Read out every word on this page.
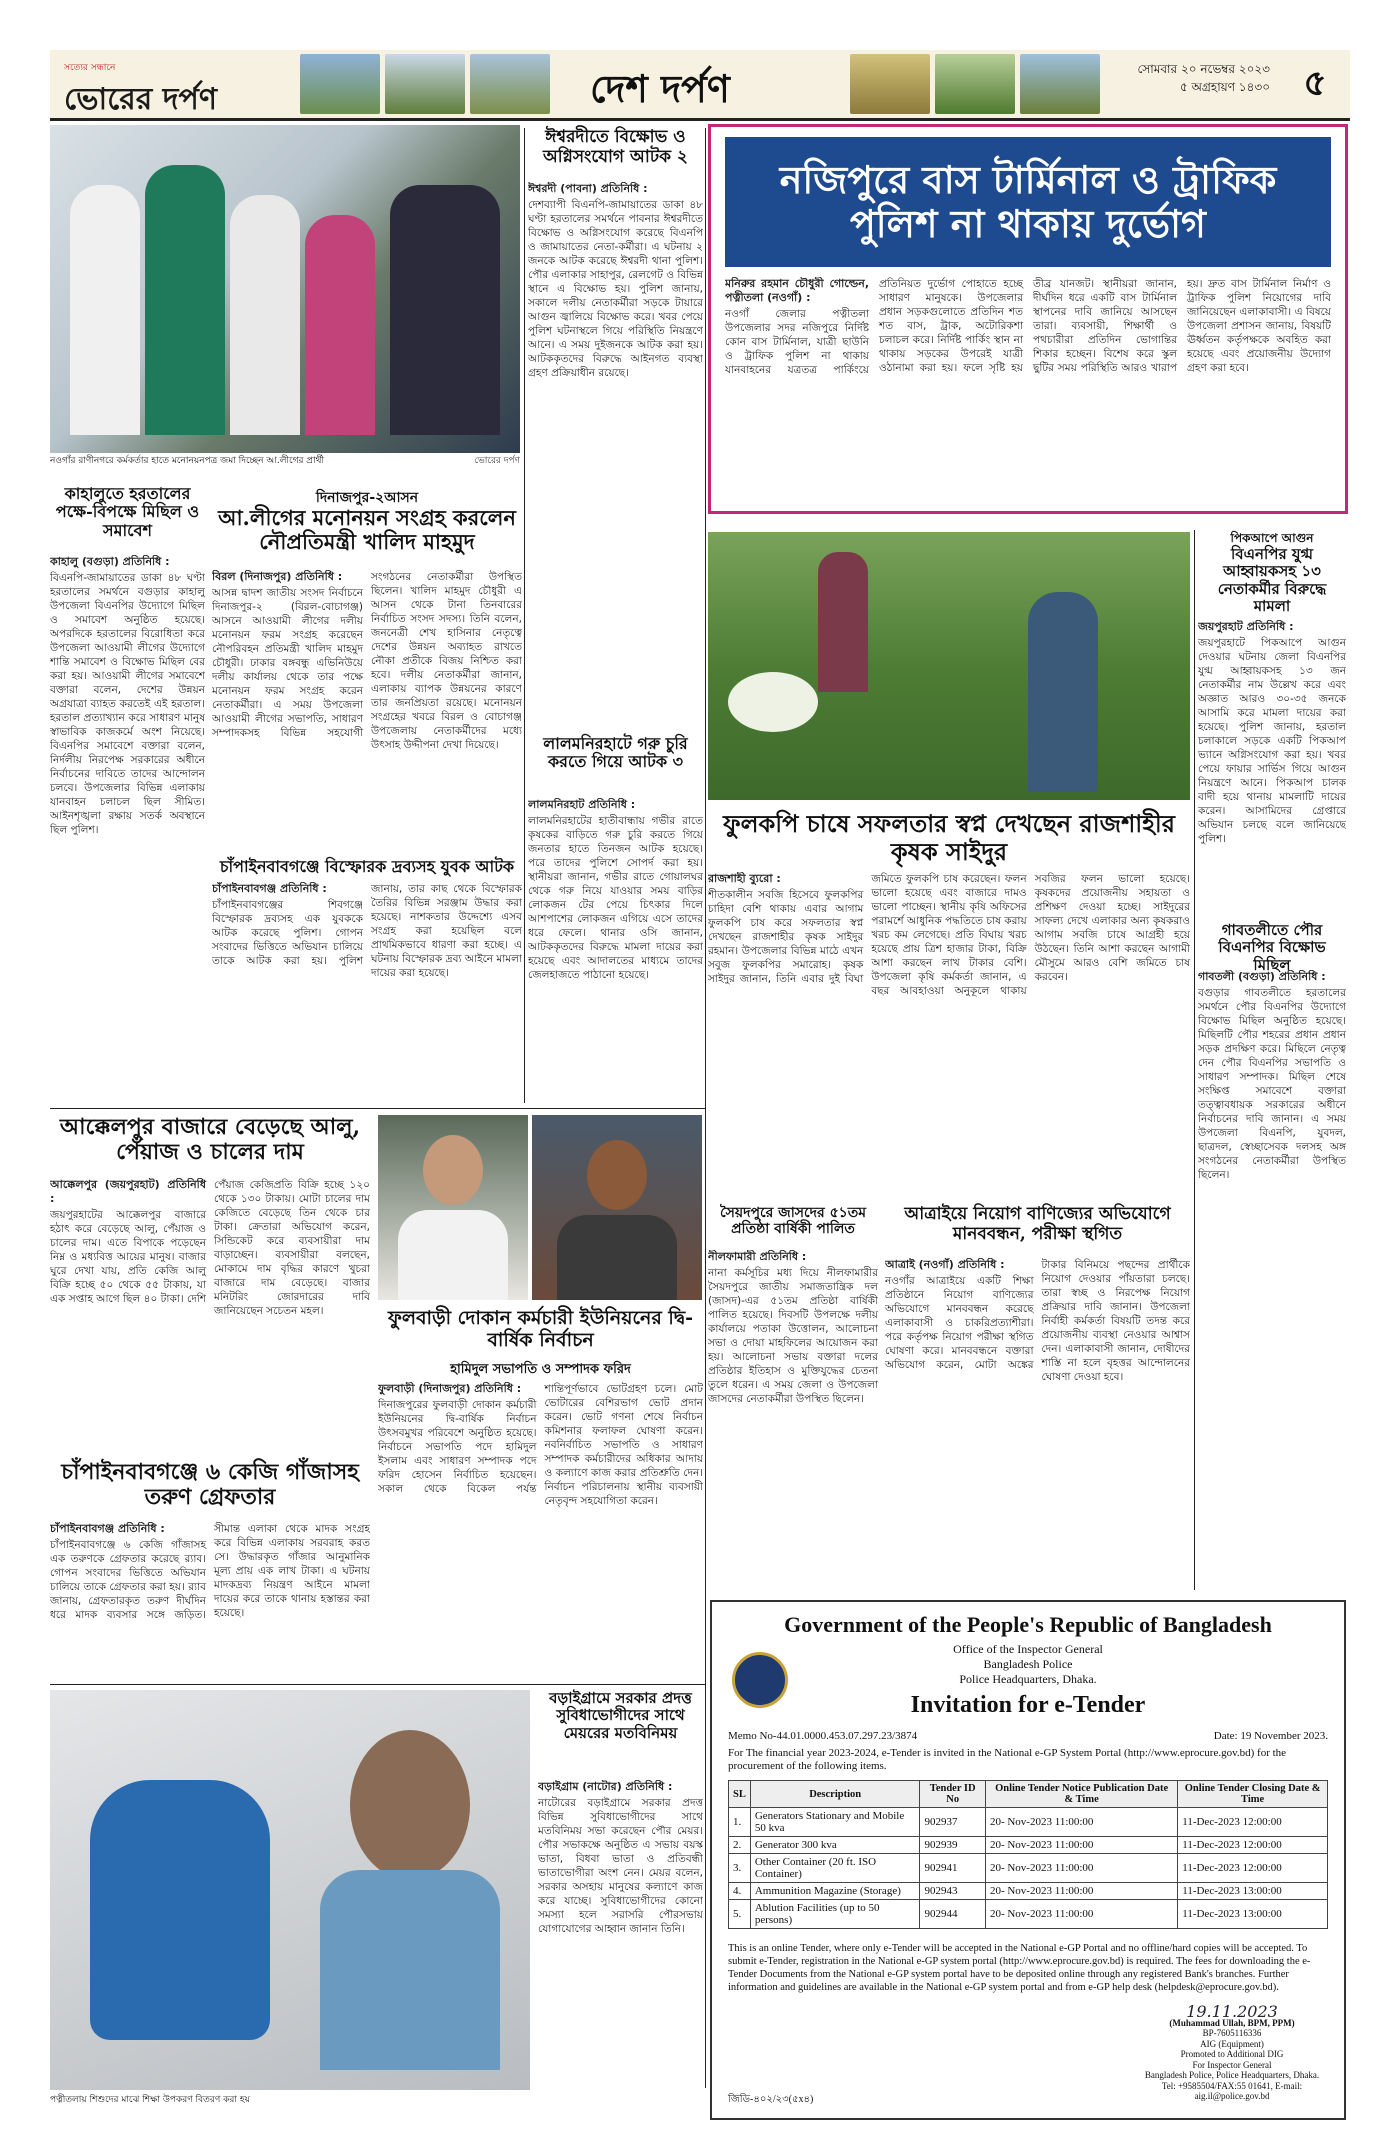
সত্যের সন্ধানে
ভোরের দর্পণ	দেশ দর্পণ	সোমবার ২০ নভেম্বর ২০২৩
৫ অগ্রহায়ণ ১৪৩০ ৫
নওগাঁর রাণীনগরে কর্মকর্তার হাতে মনোনয়নপত্র জমা দিচ্ছেন আ.লীগের প্রার্থী	ভোরের দর্পণ
ঈশ্বরদীতে বিক্ষোভ ও অগ্নিসংযোগ আটক ২
ঈশ্বরদী (পাবনা) প্রতিনিধি :
দেশব্যাপী বিএনপি-জামায়াতের ডাকা ৪৮ ঘণ্টা হরতালের সমর্থনে পাবনার ঈশ্বরদীতে বিক্ষোভ ও অগ্নিসংযোগ করেছে বিএনপি ও জামায়াতের নেতা-কর্মীরা। এ ঘটনায় ২ জনকে আটক করেছে ঈশ্বরদী থানা পুলিশ। পৌর এলাকার সাহাপুর, রেলগেট ও বিভিন্ন স্থানে এ বিক্ষোভ হয়। পুলিশ জানায়, সকালে দলীয় নেতাকর্মীরা সড়কে টায়ারে আগুন জ্বালিয়ে বিক্ষোভ করে। খবর পেয়ে পুলিশ ঘটনাস্থলে গিয়ে পরিস্থিতি নিয়ন্ত্রণে আনে। এ সময় দুইজনকে আটক করা হয়। আটককৃতদের বিরুদ্ধে আইনগত ব্যবস্থা গ্রহণ প্রক্রিয়াধীন রয়েছে।
নজিপুরে বাস টার্মিনাল ও ট্রাফিক পুলিশ না থাকায় দুর্ভোগ
মনিরুর রহমান চৌধুরী গোল্ডেন, পত্নীতলা (নওগাঁ) :
নওগাঁ জেলার পত্নীতলা উপজেলার সদর নজিপুরে নির্দিষ্ট কোন বাস টার্মিনাল, যাত্রী ছাউনি ও ট্রাফিক পুলিশ না থাকায় যানবাহনের যত্রতত্র পার্কিংয়ে প্রতিনিয়ত দুর্ভোগ পোহাতে হচ্ছে সাধারণ মানুষকে। উপজেলার প্রধান সড়কগুলোতে প্রতিদিন শত শত বাস, ট্রাক, অটোরিকশা চলাচল করে। নির্দিষ্ট পার্কিং স্থান না থাকায় সড়কের উপরেই যাত্রী ওঠানামা করা হয়। ফলে সৃষ্টি হয় তীব্র যানজট। স্থানীয়রা জানান, দীর্ঘদিন ধরে একটি বাস টার্মিনাল স্থাপনের দাবি জানিয়ে আসছেন তারা। ব্যবসায়ী, শিক্ষার্থী ও পথচারীরা প্রতিদিন ভোগান্তির শিকার হচ্ছেন। বিশেষ করে স্কুল ছুটির সময় পরিস্থিতি আরও খারাপ হয়। দ্রুত বাস টার্মিনাল নির্মাণ ও ট্রাফিক পুলিশ নিয়োগের দাবি জানিয়েছেন এলাকাবাসী। এ বিষয়ে উপজেলা প্রশাসন জানায়, বিষয়টি ঊর্ধ্বতন কর্তৃপক্ষকে অবহিত করা হয়েছে এবং প্রয়োজনীয় উদ্যোগ গ্রহণ করা হবে।
কাহালুতে হরতালের পক্ষে-বিপক্ষে মিছিল ও সমাবেশ
কাহালু (বগুড়া) প্রতিনিধি :
বিএনপি-জামায়াতের ডাকা ৪৮ ঘণ্টা হরতালের সমর্থনে বগুড়ার কাহালু উপজেলা বিএনপির উদ্যোগে মিছিল ও সমাবেশ অনুষ্ঠিত হয়েছে। অপরদিকে হরতালের বিরোধিতা করে উপজেলা আওয়ামী লীগের উদ্যোগে শান্তি সমাবেশ ও বিক্ষোভ মিছিল বের করা হয়। আওয়ামী লীগের সমাবেশে বক্তারা বলেন, দেশের উন্নয়ন অগ্রযাত্রা ব্যাহত করতেই এই হরতাল। হরতাল প্রত্যাখ্যান করে সাধারণ মানুষ স্বাভাবিক কাজকর্মে অংশ নিয়েছে। বিএনপির সমাবেশে বক্তারা বলেন, নির্দলীয় নিরপেক্ষ সরকারের অধীনে নির্বাচনের দাবিতে তাদের আন্দোলন চলবে। উপজেলার বিভিন্ন এলাকায় যানবাহন চলাচল ছিল সীমিত। আইনশৃঙ্খলা রক্ষায় সতর্ক অবস্থানে ছিল পুলিশ।
দিনাজপুর-২আসন
আ.লীগের মনোনয়ন সংগ্রহ করলেন নৌপ্রতিমন্ত্রী খালিদ মাহমুদ
বিরল (দিনাজপুর) প্রতিনিধি :
আসন্ন দ্বাদশ জাতীয় সংসদ নির্বাচনে দিনাজপুর-২ (বিরল-বোচাগঞ্জ) আসনে আওয়ামী লীগের দলীয় মনোনয়ন ফরম সংগ্রহ করেছেন নৌপরিবহন প্রতিমন্ত্রী খালিদ মাহমুদ চৌধুরী। ঢাকার বঙ্গবন্ধু এভিনিউয়ে দলীয় কার্যালয় থেকে তার পক্ষে মনোনয়ন ফরম সংগ্রহ করেন নেতাকর্মীরা। এ সময় উপজেলা আওয়ামী লীগের সভাপতি, সাধারণ সম্পাদকসহ বিভিন্ন সহযোগী সংগঠনের নেতাকর্মীরা উপস্থিত ছিলেন। খালিদ মাহমুদ চৌধুরী এ আসন থেকে টানা তিনবারের নির্বাচিত সংসদ সদস্য। তিনি বলেন, জননেত্রী শেখ হাসিনার নেতৃত্বে দেশের উন্নয়ন অব্যাহত রাখতে নৌকা প্রতীকে বিজয় নিশ্চিত করা হবে। দলীয় নেতাকর্মীরা জানান, এলাকায় ব্যাপক উন্নয়নের কারণে তার জনপ্রিয়তা রয়েছে। মনোনয়ন সংগ্রহের খবরে বিরল ও বোচাগঞ্জ উপজেলায় নেতাকর্মীদের মধ্যে উৎসাহ উদ্দীপনা দেখা দিয়েছে।	লালমনিরহাটে গরু চুরি করতে গিয়ে আটক ৩
লালমনিরহাট প্রতিনিধি :
লালমনিরহাটের হাতীবান্ধায় গভীর রাতে কৃষকের বাড়িতে গরু চুরি করতে গিয়ে জনতার হাতে তিনজন আটক হয়েছে। পরে তাদের পুলিশে সোপর্দ করা হয়। স্থানীয়রা জানান, গভীর রাতে গোয়ালঘর থেকে গরু নিয়ে যাওয়ার সময় বাড়ির লোকজন টের পেয়ে চিৎকার দিলে আশপাশের লোকজন এগিয়ে এসে তাদের ধরে ফেলে। থানার ওসি জানান, আটককৃতদের বিরুদ্ধে মামলা দায়ের করা হয়েছে এবং আদালতের মাধ্যমে তাদের জেলহাজতে পাঠানো হয়েছে।
চাঁপাইনবাবগঞ্জে বিস্ফোরক দ্রব্যসহ যুবক আটক
চাঁপাইনবাবগঞ্জ প্রতিনিধি :
চাঁপাইনবাবগঞ্জের শিবগঞ্জে বিস্ফোরক দ্রব্যসহ এক যুবককে আটক করেছে পুলিশ। গোপন সংবাদের ভিত্তিতে অভিযান চালিয়ে তাকে আটক করা হয়। পুলিশ জানায়, তার কাছ থেকে বিস্ফোরক তৈরির বিভিন্ন সরঞ্জাম উদ্ধার করা হয়েছে। নাশকতার উদ্দেশ্যে এসব সংগ্রহ করা হয়েছিল বলে প্রাথমিকভাবে ধারণা করা হচ্ছে। এ ঘটনায় বিস্ফোরক দ্রব্য আইনে মামলা দায়ের করা হয়েছে।
ফুলকপি চাষে সফলতার স্বপ্ন দেখছেন রাজশাহীর কৃষক সাইদুর
রাজশাহী ব্যুরো :
শীতকালীন সবজি হিসেবে ফুলকপির চাহিদা বেশি থাকায় এবার আগাম ফুলকপি চাষ করে সফলতার স্বপ্ন দেখছেন রাজশাহীর কৃষক সাইদুর রহমান। উপজেলার বিভিন্ন মাঠে এখন সবুজ ফুলকপির সমারোহ। কৃষক সাইদুর জানান, তিনি এবার দুই বিঘা জমিতে ফুলকপি চাষ করেছেন। ফলন ভালো হয়েছে এবং বাজারে দামও ভালো পাচ্ছেন। স্থানীয় কৃষি অফিসের পরামর্শে আধুনিক পদ্ধতিতে চাষ করায় খরচ কম লেগেছে। প্রতি বিঘায় খরচ হয়েছে প্রায় ত্রিশ হাজার টাকা, বিক্রি আশা করছেন লাখ টাকার বেশি। উপজেলা কৃষি কর্মকর্তা জানান, এ বছর আবহাওয়া অনুকূলে থাকায় সবজির ফলন ভালো হয়েছে। কৃষকদের প্রয়োজনীয় সহায়তা ও প্রশিক্ষণ দেওয়া হচ্ছে। সাইদুরের সাফল্য দেখে এলাকার অন্য কৃষকরাও আগাম সবজি চাষে আগ্রহী হয়ে উঠছেন। তিনি আশা করছেন আগামী মৌসুমে আরও বেশি জমিতে চাষ করবেন।
পিকআপে আগুন
বিএনপির যুগ্ম আহ্বায়কসহ ১৩ নেতাকর্মীর বিরুদ্ধে মামলা
জয়পুরহাট প্রতিনিধি :
জয়পুরহাটে পিকআপে আগুন দেওয়ার ঘটনায় জেলা বিএনপির যুগ্ম আহ্বায়কসহ ১৩ জন নেতাকর্মীর নাম উল্লেখ করে এবং অজ্ঞাত আরও ৩০-৩৫ জনকে আসামি করে মামলা দায়ের করা হয়েছে। পুলিশ জানায়, হরতাল চলাকালে সড়কে একটি পিকআপ ভ্যানে অগ্নিসংযোগ করা হয়। খবর পেয়ে ফায়ার সার্ভিস গিয়ে আগুন নিয়ন্ত্রণে আনে। পিকআপ চালক বাদী হয়ে থানায় মামলাটি দায়ের করেন। আসামিদের গ্রেপ্তারে অভিযান চলছে বলে জানিয়েছে পুলিশ।
গাবতলীতে পৌর বিএনপির বিক্ষোভ মিছিল
গাবতলী (বগুড়া) প্রতিনিধি :
বগুড়ার গাবতলীতে হরতালের সমর্থনে পৌর বিএনপির উদ্যোগে বিক্ষোভ মিছিল অনুষ্ঠিত হয়েছে। মিছিলটি পৌর শহরের প্রধান প্রধান সড়ক প্রদক্ষিণ করে। মিছিলে নেতৃত্ব দেন পৌর বিএনপির সভাপতি ও সাধারণ সম্পাদক। মিছিল শেষে সংক্ষিপ্ত সমাবেশে বক্তারা তত্ত্বাবধায়ক সরকারের অধীনে নির্বাচনের দাবি জানান। এ সময় উপজেলা বিএনপি, যুবদল, ছাত্রদল, স্বেচ্ছাসেবক দলসহ অঙ্গ সংগঠনের নেতাকর্মীরা উপস্থিত ছিলেন।
আক্কেলপুর বাজারে বেড়েছে আলু, পেঁয়াজ ও চালের দাম
আক্কেলপুর (জয়পুরহাট) প্রতিনিধি :
জয়পুরহাটের আক্কেলপুর বাজারে হঠাৎ করে বেড়েছে আলু, পেঁয়াজ ও চালের দাম। এতে বিপাকে পড়েছেন নিম্ন ও মধ্যবিত্ত আয়ের মানুষ। বাজার ঘুরে দেখা যায়, প্রতি কেজি আলু বিক্রি হচ্ছে ৫০ থেকে ৫৫ টাকায়, যা এক সপ্তাহ আগে ছিল ৪০ টাকা। দেশি পেঁয়াজ কেজিপ্রতি বিক্রি হচ্ছে ১২০ থেকে ১৩০ টাকায়। মোটা চালের দাম কেজিতে বেড়েছে তিন থেকে চার টাকা। ক্রেতারা অভিযোগ করেন, সিন্ডিকেট করে ব্যবসায়ীরা দাম বাড়াচ্ছেন। ব্যবসায়ীরা বলছেন, মোকামে দাম বৃদ্ধির কারণে খুচরা বাজারে দাম বেড়েছে। বাজার মনিটরিং জোরদারের দাবি জানিয়েছেন সচেতন মহল।	ফুলবাড়ী দোকান কর্মচারী ইউনিয়নের দ্বি-বার্ষিক নির্বাচন
হামিদুল সভাপতি ও সম্পাদক ফরিদ
ফুলবাড়ী (দিনাজপুর) প্রতিনিধি :
দিনাজপুরের ফুলবাড়ী দোকান কর্মচারী ইউনিয়নের দ্বি-বার্ষিক নির্বাচন উৎসবমুখর পরিবেশে অনুষ্ঠিত হয়েছে। নির্বাচনে সভাপতি পদে হামিদুল ইসলাম এবং সাধারণ সম্পাদক পদে ফরিদ হোসেন নির্বাচিত হয়েছেন। সকাল থেকে বিকেল পর্যন্ত শান্তিপূর্ণভাবে ভোটগ্রহণ চলে। মোট ভোটারের বেশিরভাগ ভোট প্রদান করেন। ভোট গণনা শেষে নির্বাচন কমিশনার ফলাফল ঘোষণা করেন। নবনির্বাচিত সভাপতি ও সাধারণ সম্পাদক কর্মচারীদের অধিকার আদায় ও কল্যাণে কাজ করার প্রতিশ্রুতি দেন। নির্বাচন পরিচালনায় স্থানীয় ব্যবসায়ী নেতৃবৃন্দ সহযোগিতা করেন।
চাঁপাইনবাবগঞ্জে ৬ কেজি গাঁজাসহ তরুণ গ্রেফতার
চাঁপাইনবাবগঞ্জ প্রতিনিধি :
চাঁপাইনবাবগঞ্জে ৬ কেজি গাঁজাসহ এক তরুণকে গ্রেফতার করেছে র‌্যাব। গোপন সংবাদের ভিত্তিতে অভিযান চালিয়ে তাকে গ্রেফতার করা হয়। র‌্যাব জানায়, গ্রেফতারকৃত তরুণ দীর্ঘদিন ধরে মাদক ব্যবসার সঙ্গে জড়িত। সীমান্ত এলাকা থেকে মাদক সংগ্রহ করে বিভিন্ন এলাকায় সরবরাহ করত সে। উদ্ধারকৃত গাঁজার আনুমানিক মূল্য প্রায় এক লাখ টাকা। এ ঘটনায় মাদকদ্রব্য নিয়ন্ত্রণ আইনে মামলা দায়ের করে তাকে থানায় হস্তান্তর করা হয়েছে।
সৈয়দপুরে জাসদের ৫১তম প্রতিষ্ঠা বার্ষিকী পালিত
নীলফামারী প্রতিনিধি :
নানা কর্মসূচির মধ্য দিয়ে নীলফামারীর সৈয়দপুরে জাতীয় সমাজতান্ত্রিক দল (জাসদ)-এর ৫১তম প্রতিষ্ঠা বার্ষিকী পালিত হয়েছে। দিবসটি উপলক্ষে দলীয় কার্যালয়ে পতাকা উত্তোলন, আলোচনা সভা ও দোয়া মাহফিলের আয়োজন করা হয়। আলোচনা সভায় বক্তারা দলের প্রতিষ্ঠার ইতিহাস ও মুক্তিযুদ্ধের চেতনা তুলে ধরেন। এ সময় জেলা ও উপজেলা জাসদের নেতাকর্মীরা উপস্থিত ছিলেন।
আত্রাইয়ে নিয়োগ বাণিজ্যের অভিযোগে মানববন্ধন, পরীক্ষা স্থগিত
আত্রাই (নওগাঁ) প্রতিনিধি :
নওগাঁর আত্রাইয়ে একটি শিক্ষা প্রতিষ্ঠানে নিয়োগ বাণিজ্যের অভিযোগে মানববন্ধন করেছে এলাকাবাসী ও চাকরিপ্রত্যাশীরা। পরে কর্তৃপক্ষ নিয়োগ পরীক্ষা স্থগিত ঘোষণা করে। মানববন্ধনে বক্তারা অভিযোগ করেন, মোটা অঙ্কের টাকার বিনিময়ে পছন্দের প্রার্থীকে নিয়োগ দেওয়ার পাঁয়তারা চলছে। তারা স্বচ্ছ ও নিরপেক্ষ নিয়োগ প্রক্রিয়ার দাবি জানান। উপজেলা নির্বাহী কর্মকর্তা বিষয়টি তদন্ত করে প্রয়োজনীয় ব্যবস্থা নেওয়ার আশ্বাস দেন। এলাকাবাসী জানান, দোষীদের শাস্তি না হলে বৃহত্তর আন্দোলনের ঘোষণা দেওয়া হবে।
পত্নীতলায় শিশুদের মাঝে শিক্ষা উপকরণ বিতরণ করা হয়
বড়াইগ্রামে সরকার প্রদত্ত সুবিধাভোগীদের সাথে মেয়রের মতবিনিময়
বড়াইগ্রাম (নাটোর) প্রতিনিধি :
নাটোরের বড়াইগ্রামে সরকার প্রদত্ত বিভিন্ন সুবিধাভোগীদের সাথে মতবিনিময় সভা করেছেন পৌর মেয়র। পৌর সভাকক্ষে অনুষ্ঠিত এ সভায় বয়স্ক ভাতা, বিধবা ভাতা ও প্রতিবন্ধী ভাতাভোগীরা অংশ নেন। মেয়র বলেন, সরকার অসহায় মানুষের কল্যাণে কাজ করে যাচ্ছে। সুবিধাভোগীদের কোনো সমস্যা হলে সরাসরি পৌরসভায় যোগাযোগের আহ্বান জানান তিনি।
Government of the People's Republic of Bangladesh
Office of the Inspector General
Bangladesh Police
Police Headquarters, Dhaka.
Invitation for e-Tender
Memo No-44.01.0000.453.07.297.23/3874	Date: 19 November 2023.
For The financial year 2023-2024, e-Tender is invited in the National e-GP System Portal (http://www.eprocure.gov.bd) for the procurement of the following items.
SL	Description	Tender ID No	Online Tender Notice Publication Date & Time	Online Tender Closing Date & Time
1.	Generators Stationary and Mobile 50 kva	902937	20- Nov-2023 11:00:00	11-Dec-2023 12:00:00
2.	Generator 300 kva	902939	20- Nov-2023 11:00:00	11-Dec-2023 12:00:00
3.	Other Container (20 ft. ISO Container)	902941	20- Nov-2023 11:00:00	11-Dec-2023 12:00:00
4.	Ammunition Magazine (Storage)	902943	20- Nov-2023 11:00:00	11-Dec-2023 13:00:00
5.	Ablution Facilities (up to 50 persons)	902944	20- Nov-2023 11:00:00	11-Dec-2023 13:00:00
This is an online Tender, where only e-Tender will be accepted in the National e-GP Portal and no offline/hard copies will be accepted. To submit e-Tender, registration in the National e-GP system portal (http://www.eprocure.gov.bd) is required. The fees for downloading the e-Tender Documents from the National e-GP system portal have to be deposited online through any registered Bank's branches. Further information and guidelines are available in the National e-GP system portal and from e-GP help desk (helpdesk@eprocure.gov.bd).
জিডি-৪০২/২৩(৫x৪)
19.11.2023
(Muhammad Ullah, BPM, PPM)
BP-7605116336
AIG (Equipment)
Promoted to Additional DIG
For Inspector General
Bangladesh Police, Police Headquarters, Dhaka.
Tel: +9585504/FAX:55 01641, E-mail: aig.il@police.gov.bd
